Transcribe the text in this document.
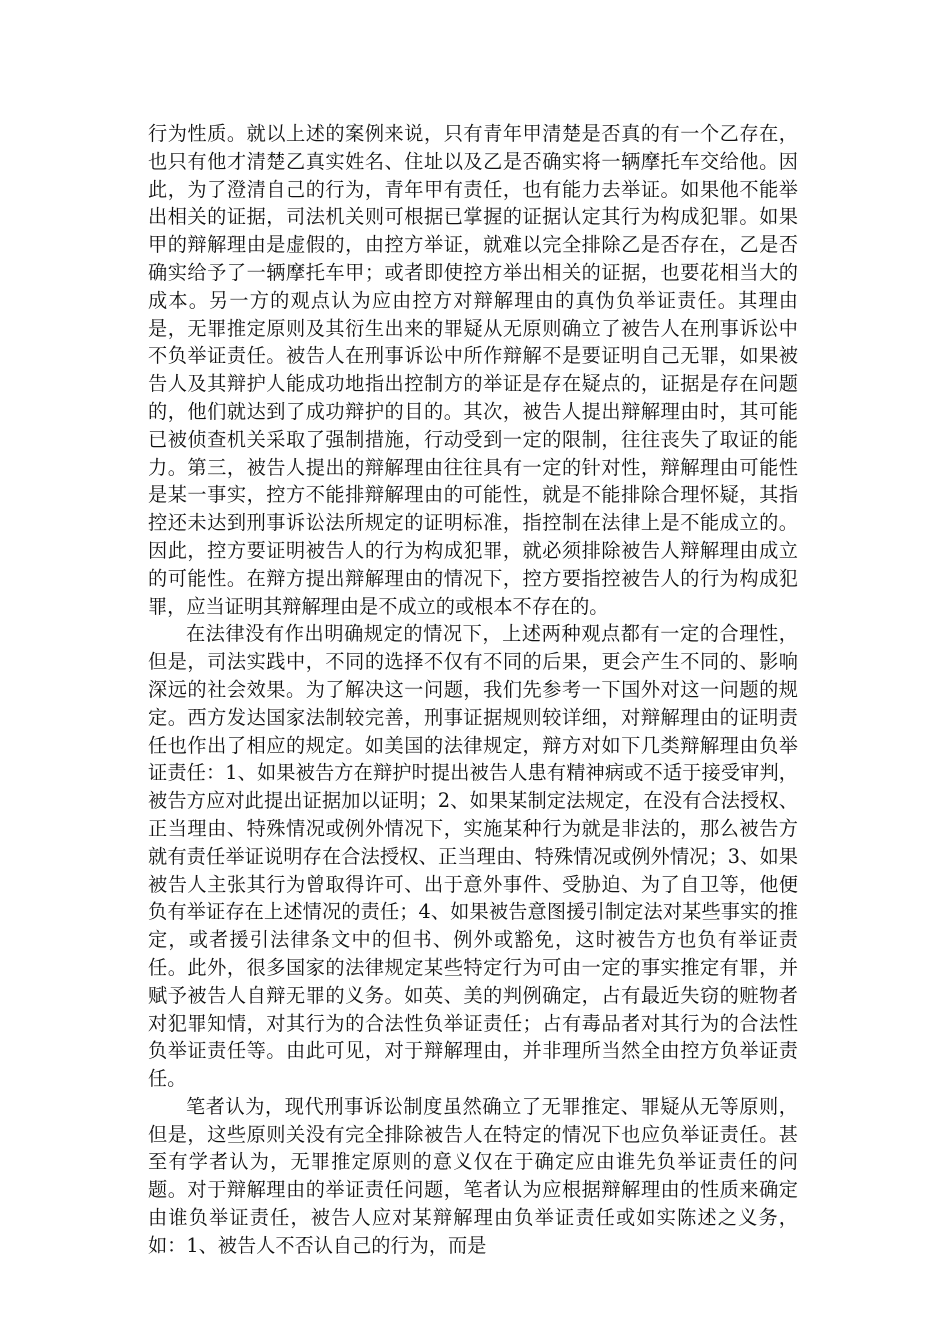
行为性质。就以上述的案例来说，只有青年甲清楚是否真的有一个乙存在，也只有他才清楚乙真实姓名、住址以及乙是否确实将一辆摩托车交给他。因此，为了澄清自己的行为，青年甲有责任，也有能力去举证。如果他不能举出相关的证据，司法机关则可根据已掌握的证据认定其行为构成犯罪。如果甲的辩解理由是虚假的，由控方举证，就难以完全排除乙是否存在，乙是否确实给予了一辆摩托车甲；或者即使控方举出相关的证据，也要花相当大的成本。另一方的观点认为应由控方对辩解理由的真伪负举证责任。其理由是，无罪推定原则及其衍生出来的罪疑从无原则确立了被告人在刑事诉讼中不负举证责任。被告人在刑事诉讼中所作辩解不是要证明自己无罪，如果被告人及其辩护人能成功地指出控制方的举证是存在疑点的，证据是存在问题的，他们就达到了成功辩护的目的。其次，被告人提出辩解理由时，其可能已被侦查机关采取了强制措施，行动受到一定的限制，往往丧失了取证的能力。第三，被告人提出的辩解理由往往具有一定的针对性，辩解理由可能性是某一事实，控方不能排辩解理由的可能性，就是不能排除合理怀疑，其指控还未达到刑事诉讼法所规定的证明标准，指控制在法律上是不能成立的。因此，控方要证明被告人的行为构成犯罪，就必须排除被告人辩解理由成立的可能性。在辩方提出辩解理由的情况下，控方要指控被告人的行为构成犯罪，应当证明其辩解理由是不成立的或根本不存在的。

在法律没有作出明确规定的情况下，上述两种观点都有一定的合理性，但是，司法实践中，不同的选择不仅有不同的后果，更会产生不同的、影响深远的社会效果。为了解决这一问题，我们先参考一下国外对这一问题的规定。西方发达国家法制较完善，刑事证据规则较详细，对辩解理由的证明责任也作出了相应的规定。如美国的法律规定，辩方对如下几类辩解理由负举证责任：1、如果被告方在辩护时提出被告人患有精神病或不适于接受审判，被告方应对此提出证据加以证明；2、如果某制定法规定，在没有合法授权、正当理由、特殊情况或例外情况下，实施某种行为就是非法的，那么被告方就有责任举证说明存在合法授权、正当理由、特殊情况或例外情况；3、如果被告人主张其行为曾取得许可、出于意外事件、受胁迫、为了自卫等，他便负有举证存在上述情况的责任；4、如果被告意图援引制定法对某些事实的推定，或者援引法律条文中的但书、例外或豁免，这时被告方也负有举证责任。此外，很多国家的法律规定某些特定行为可由一定的事实推定有罪，并赋予被告人自辩无罪的义务。如英、美的判例确定，占有最近失窃的赃物者对犯罪知情，对其行为的合法性负举证责任；占有毒品者对其行为的合法性负举证责任等。由此可见，对于辩解理由，并非理所当然全由控方负举证责任。

笔者认为，现代刑事诉讼制度虽然确立了无罪推定、罪疑从无等原则，但是，这些原则关没有完全排除被告人在特定的情况下也应负举证责任。甚至有学者认为，无罪推定原则的意义仅在于确定应由谁先负举证责任的问题。对于辩解理由的举证责任问题，笔者认为应根据辩解理由的性质来确定由谁负举证责任，被告人应对某辩解理由负举证责任或如实陈述之义务，如：1、被告人不否认自己的行为，而是
